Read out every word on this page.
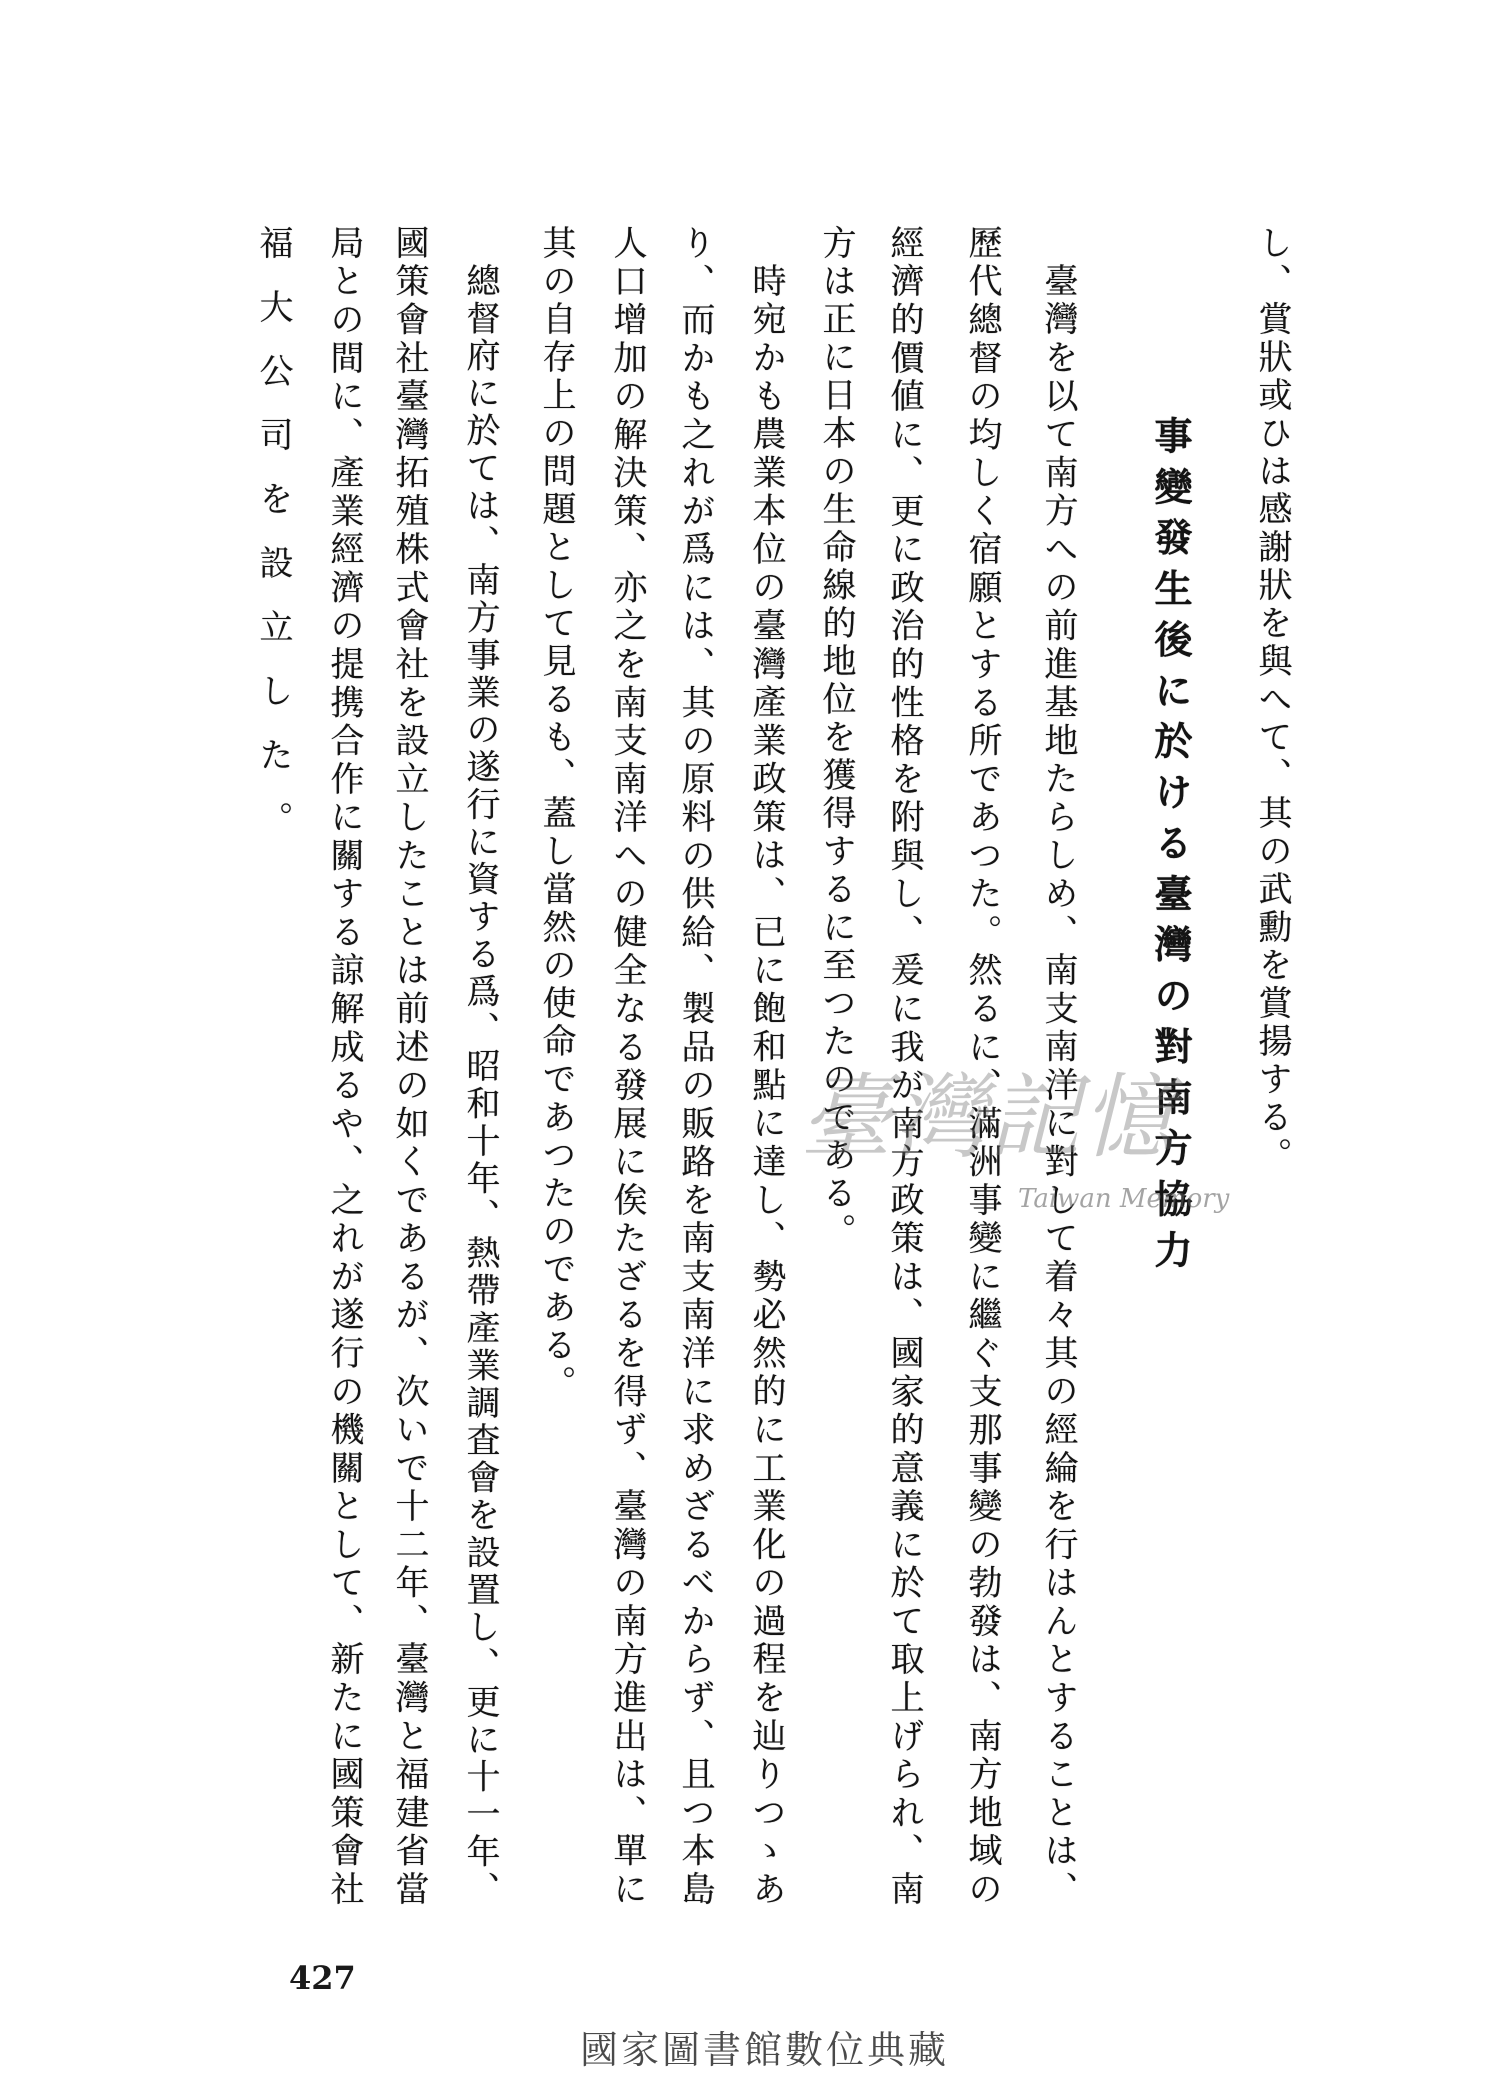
し、賞狀或ひは感謝狀を與へて、其の武勳を賞揚する。

事變發生後に於ける臺灣の對南方協力

臺灣を以て南方への前進基地たらしめ、南支南洋に對して着々其の經綸を行はんとすることは、

歷代總督の均しく宿願とする所であつた。然るに、滿洲事變に繼ぐ支那事變の勃發は、南方地域の

經濟的價値に、更に政治的性格を附與し、爰に我が南方政策は、國家的意義に於て取上げられ、南

方は正に日本の生命線的地位を獲得するに至つたのである。

時宛かも農業本位の臺灣產業政策は、已に飽和點に達し、勢必然的に工業化の過程を辿りつゝあ

り、而かも之れが爲には、其の原料の供給、製品の販路を南支南洋に求めざるべからず、且つ本島

人口增加の解決策、亦之を南支南洋への健全なる發展に俟たざるを得ず、臺灣の南方進出は、單に

其の自存上の問題として見るも、蓋し當然の使命であつたのである。

總督府に於ては、南方事業の遂行に資する爲、昭和十年、熱帶產業調査會を設置し、更に十一年、

國策會社臺灣拓殖株式會社を設立したことは前述の如くであるが、次いで十二年、臺灣と福建省當

局との間に、產業經濟の提携合作に關する諒解成るや、之れが遂行の機關として、新たに國策會社

福大公司を設立した。

427
臺灣記憶
Taiwan Memory
國家圖書館數位典藏
